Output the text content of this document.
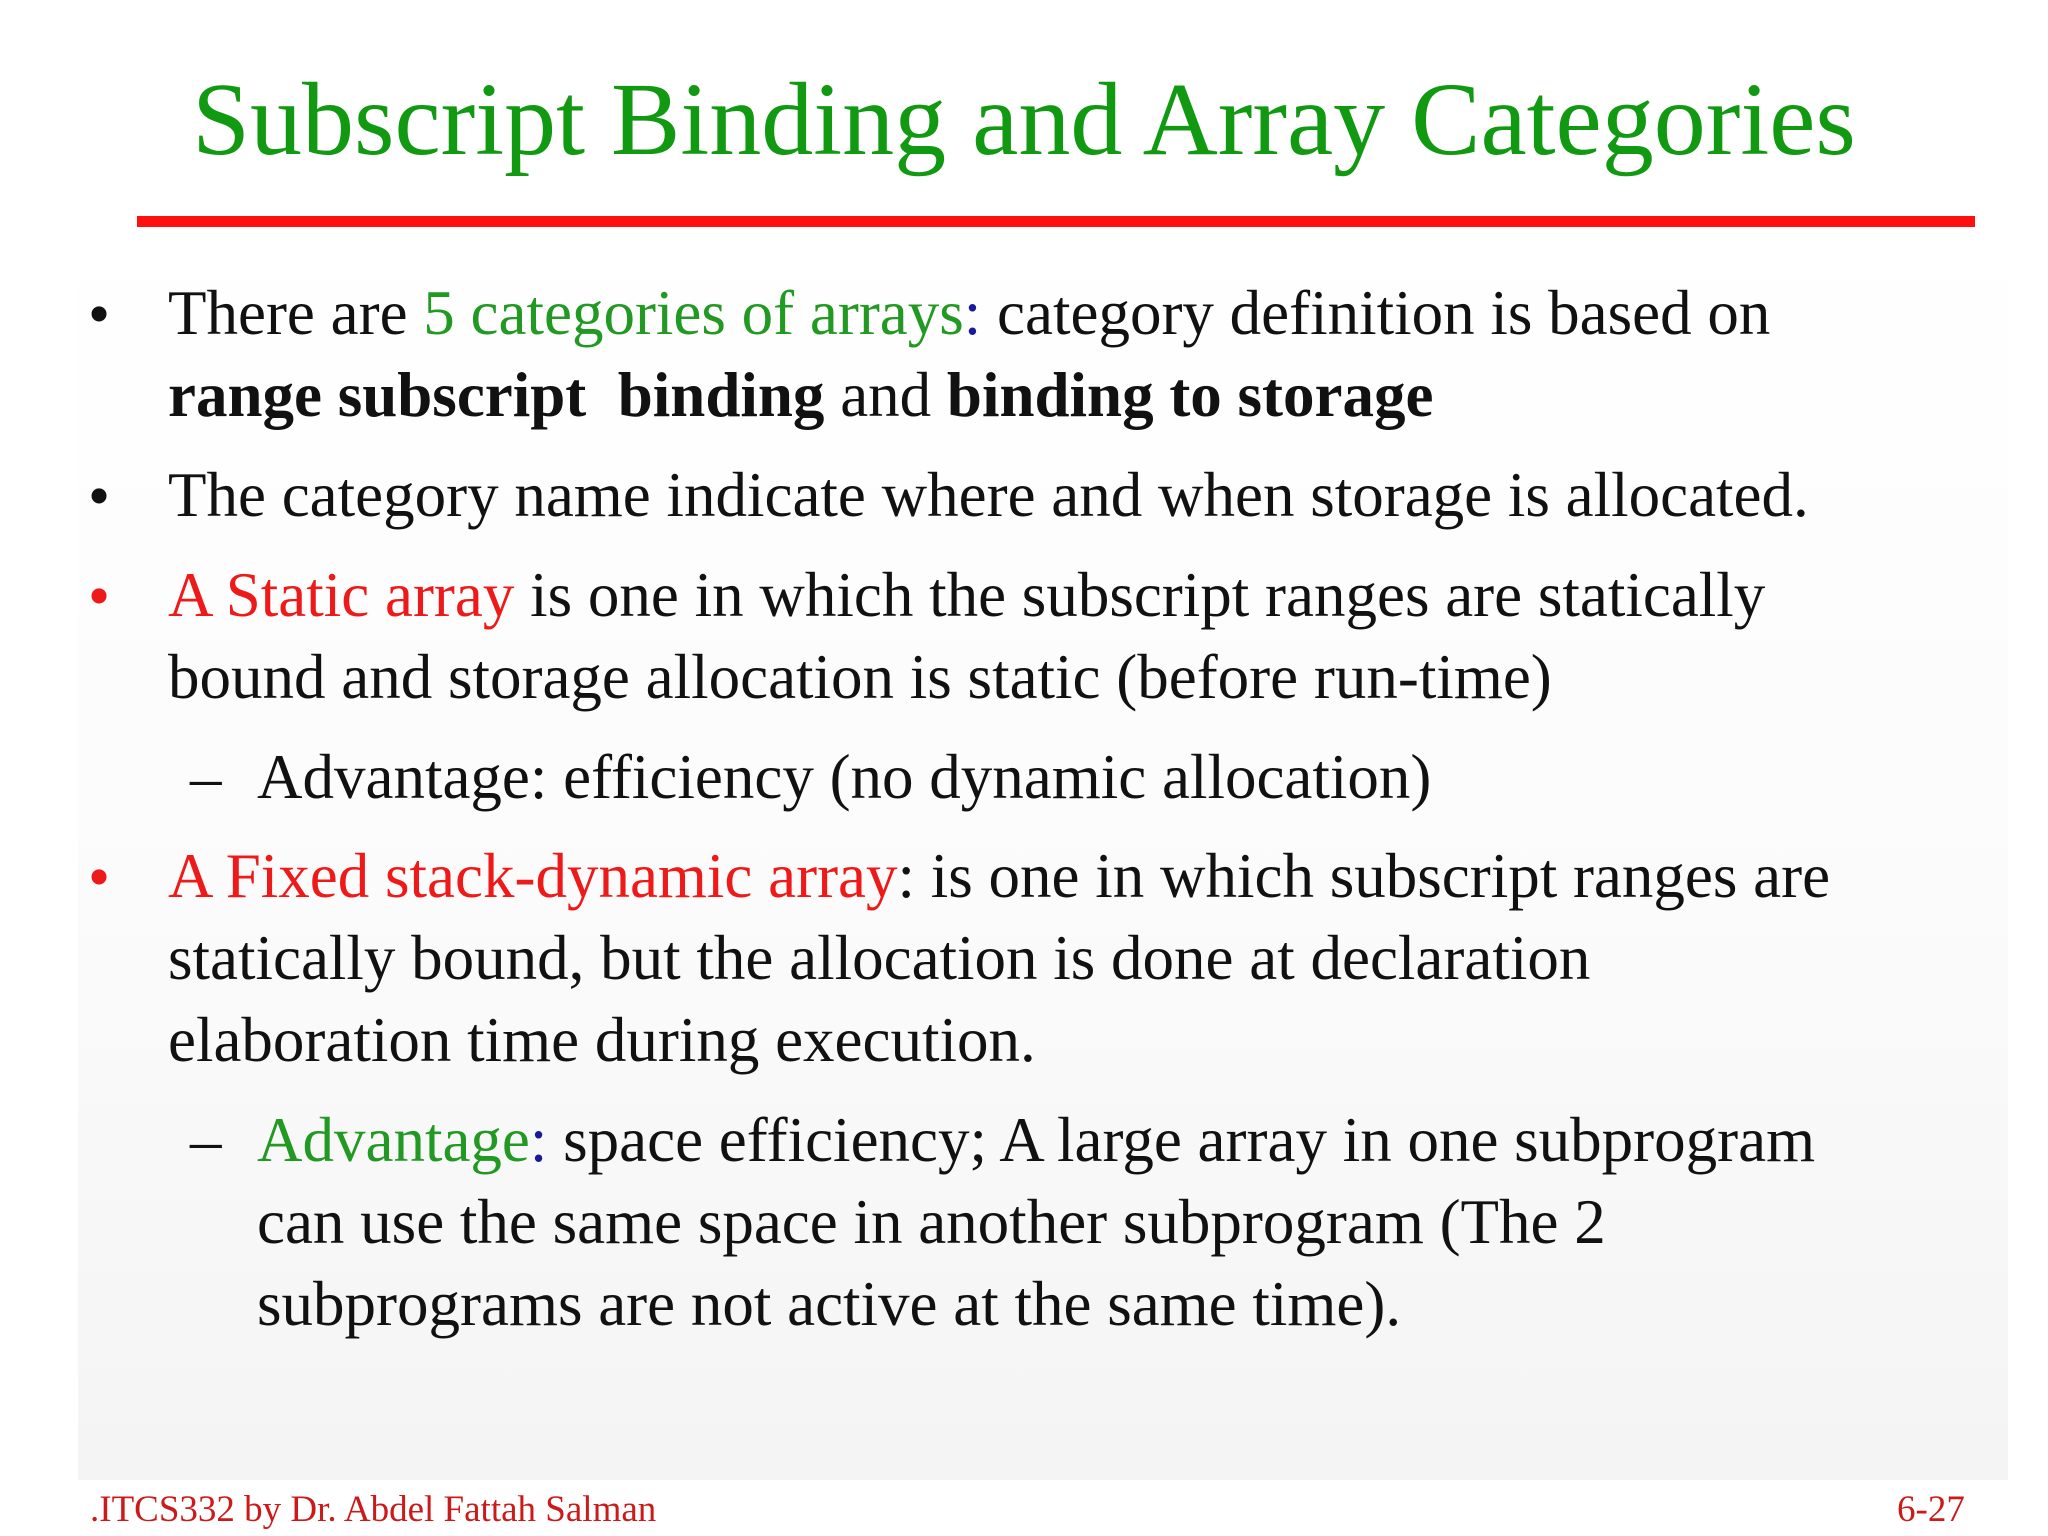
Subscript Binding and Array Categories
• There are 5 categories of arrays: category definition is based on
range subscript  binding and binding to storage
• The category name indicate where and when storage is allocated.
• A Static array is one in which the subscript ranges are statically
bound and storage allocation is static (before run-time)
– Advantage: efficiency (no dynamic allocation)
• A Fixed stack-dynamic array: is one in which subscript ranges are
statically bound, but the allocation is done at declaration
elaboration time during execution.
– Advantage: space efficiency; A large array in one subprogram
can use the same space in another subprogram (The 2
subprograms are not active at the same time).
.ITCS332 by Dr. Abdel Fattah Salman	6-27
